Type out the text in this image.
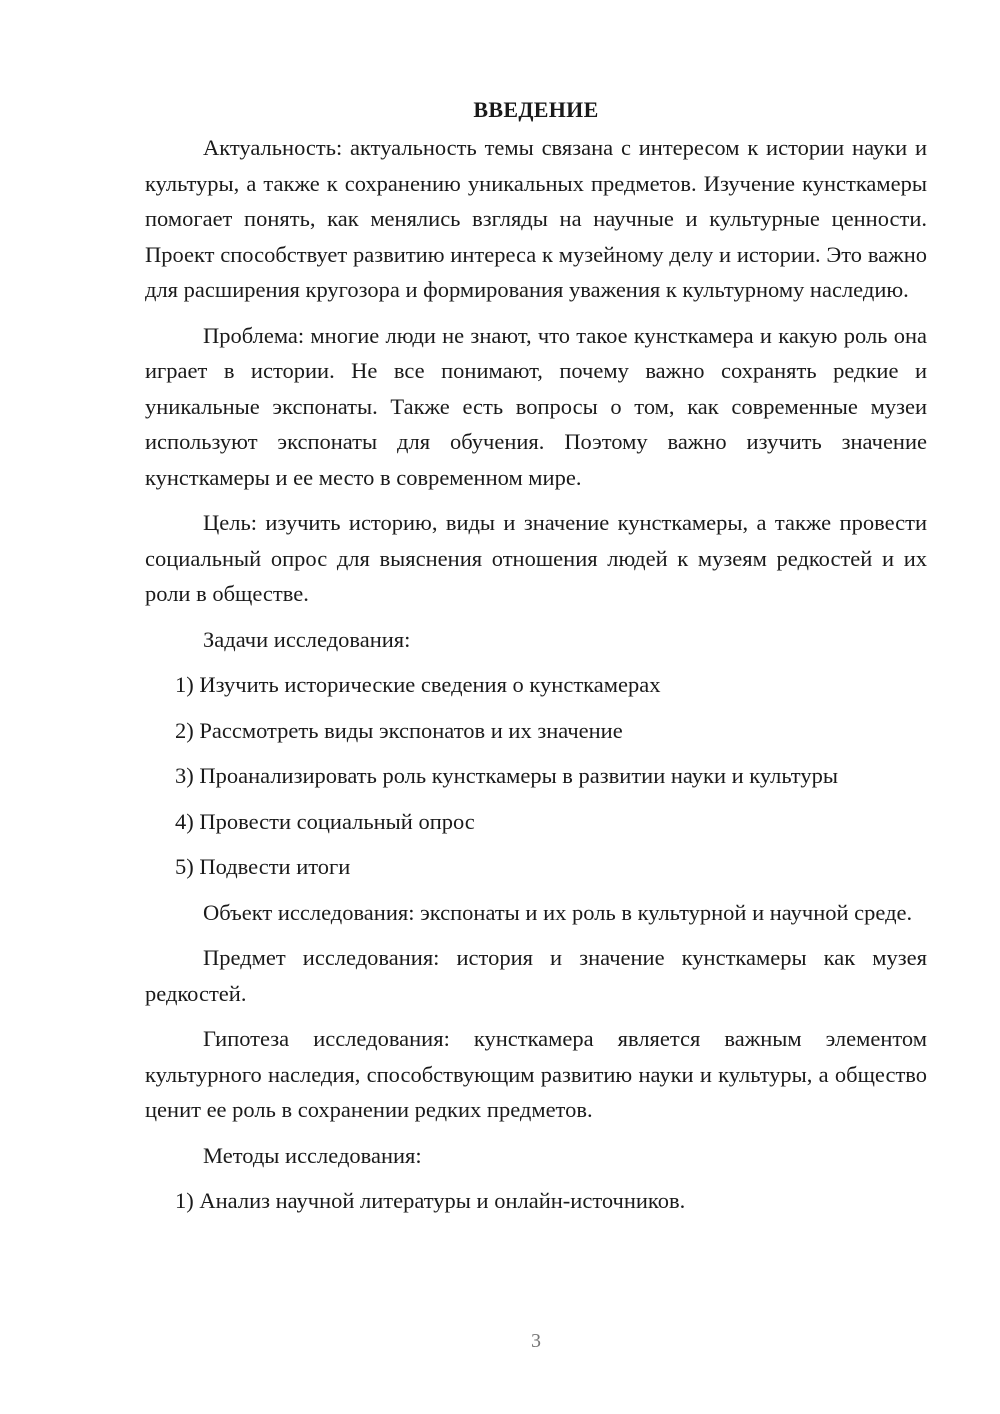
ВВЕДЕНИЕ

Актуальность: актуальность темы связана с интересом к истории науки и культуры, а также к сохранению уникальных предметов. Изучение кунсткамеры помогает понять, как менялись взгляды на научные и культурные ценности. Проект способствует развитию интереса к музейному делу и истории. Это важно для расширения кругозора и формирования уважения к культурному наследию.

Проблема: многие люди не знают, что такое кунсткамера и какую роль она играет в истории. Не все понимают, почему важно сохранять редкие и уникальные экспонаты. Также есть вопросы о том, как современные музеи используют экспонаты для обучения. Поэтому важно изучить значение кунсткамеры и ее место в современном мире.

Цель: изучить историю, виды и значение кунсткамеры, а также провести социальный опрос для выяснения отношения людей к музеям редкостей и их роли в обществе.

Задачи исследования:

1) Изучить исторические сведения о кунсткамерах
2) Рассмотреть виды экспонатов и их значение
3) Проанализировать роль кунсткамеры в развитии науки и культуры
4) Провести социальный опрос
5) Подвести итоги

Объект исследования: экспонаты и их роль в культурной и научной среде.

Предмет исследования: история и значение кунсткамеры как музея редкостей.

Гипотеза исследования: кунсткамера является важным элементом культурного наследия, способствующим развитию науки и культуры, а общество ценит ее роль в сохранении редких предметов.

Методы исследования:

1) Анализ научной литературы и онлайн-источников.
3
